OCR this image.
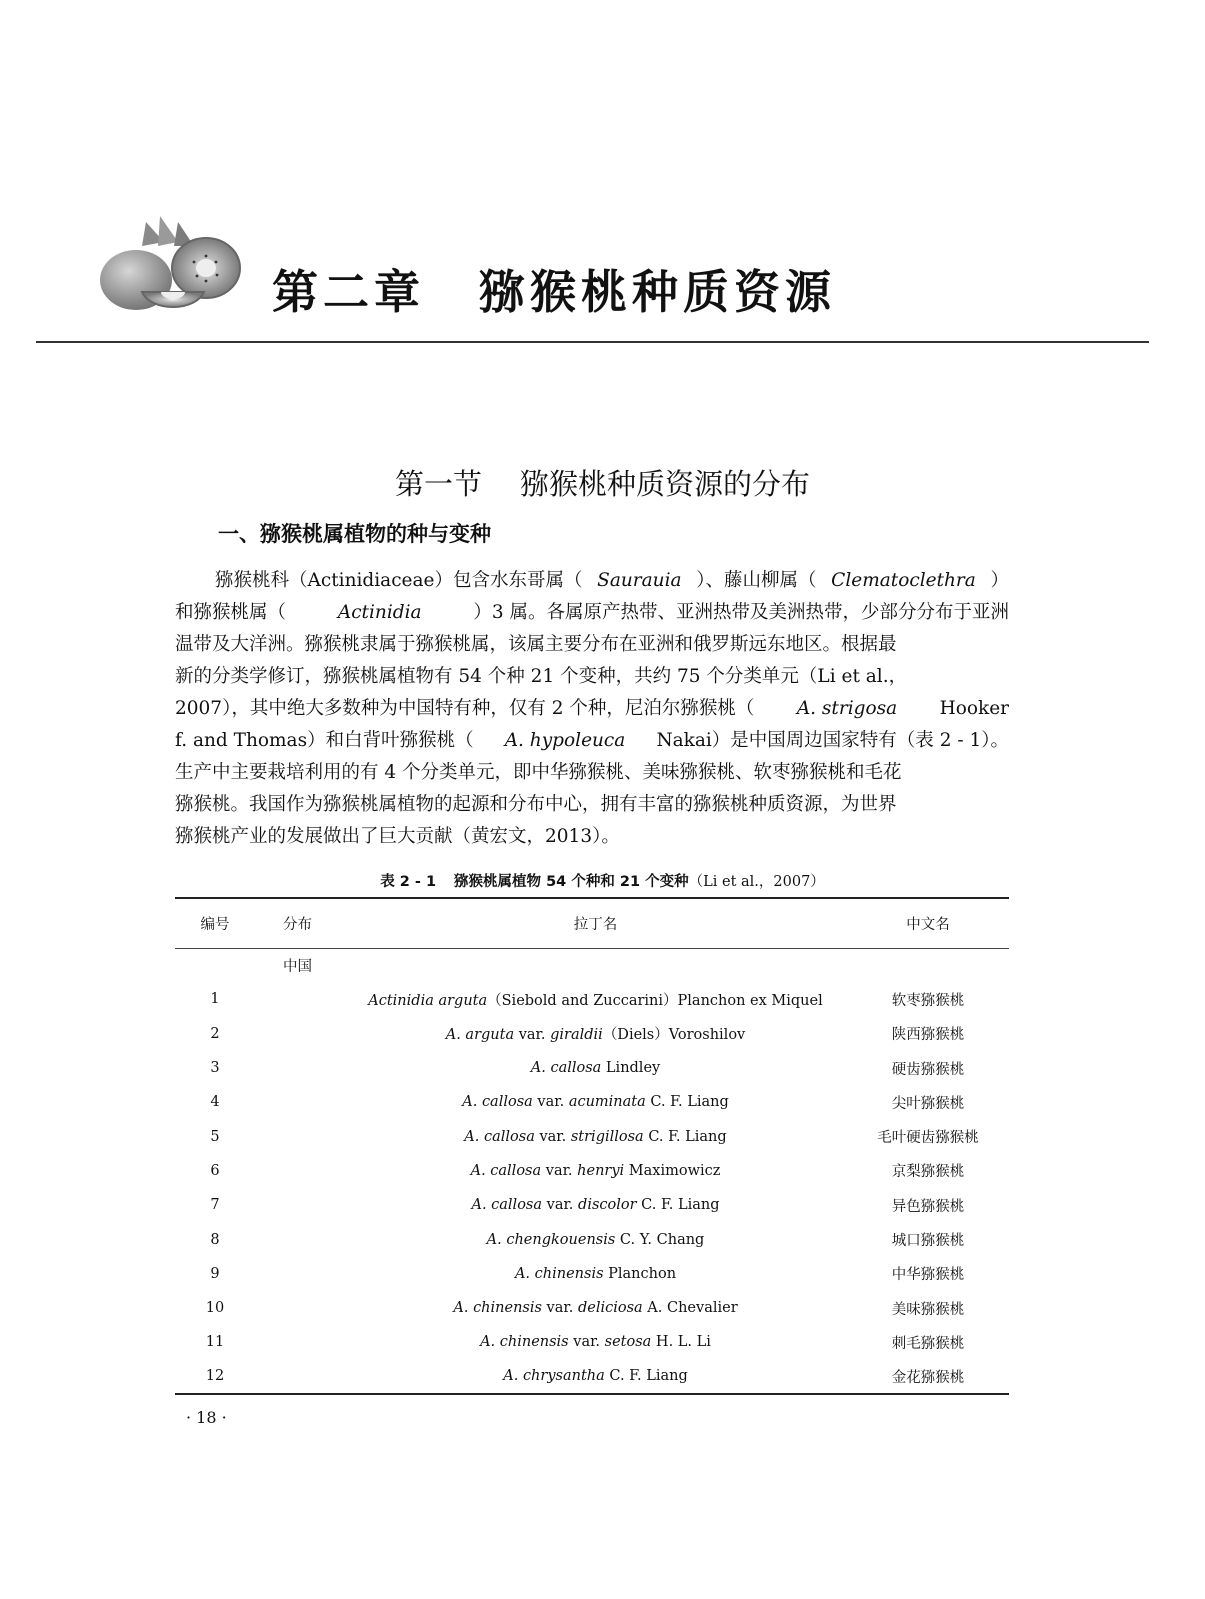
第二章 猕猴桃种质资源
第一节 猕猴桃种质资源的分布
一、猕猴桃属植物的种与变种
猕猴桃科（Actinidiaceae）包含水东哥属（ Saurauia ）、藤山柳属（ Clematoclethra ）
和猕猴桃属（	Actinidia	）3 属。各属原产热带、亚洲热带及美洲热带，少部分分布于亚洲
温带及大洋洲。猕猴桃隶属于猕猴桃属，该属主要分布在亚洲和俄罗斯远东地区。根据最
新的分类学修订，猕猴桃属植物有 54 个种 21 个变种，共约 75 个分类单元（Li et al.，
2007），其中绝大多数种为中国特有种，仅有 2 个种，尼泊尔猕猴桃（ A. strigosa Hooker
f. and Thomas）和白背叶猕猴桃（ A. hypoleuca Nakai）是中国周边国家特有（表 2 - 1）。
生产中主要栽培利用的有 4 个分类单元，即中华猕猴桃、美味猕猴桃、软枣猕猴桃和毛花
猕猴桃。我国作为猕猴桃属植物的起源和分布中心，拥有丰富的猕猴桃种质资源，为世界
猕猴桃产业的发展做出了巨大贡献（黄宏文，2013）。
表 2 - 1 猕猴桃属植物 54 个种和 21 个变种（Li et al.，2007）
编号	分布	拉丁名	中文名
	中国		
1		Actinidia arguta（Siebold and Zuccarini）Planchon ex Miquel	软枣猕猴桃
2		A. arguta var. giraldii（Diels）Voroshilov	陕西猕猴桃
3		A. callosa Lindley	硬齿猕猴桃
4		A. callosa var. acuminata C. F. Liang	尖叶猕猴桃
5		A. callosa var. strigillosa C. F. Liang	毛叶硬齿猕猴桃
6		A. callosa var. henryi Maximowicz	京梨猕猴桃
7		A. callosa var. discolor C. F. Liang	异色猕猴桃
8		A. chengkouensis C. Y. Chang	城口猕猴桃
9		A. chinensis Planchon	中华猕猴桃
10		A. chinensis var. deliciosa A. Chevalier	美味猕猴桃
11		A. chinensis var. setosa H. L. Li	刺毛猕猴桃
12		A. chrysantha C. F. Liang	金花猕猴桃
· 18 ·
